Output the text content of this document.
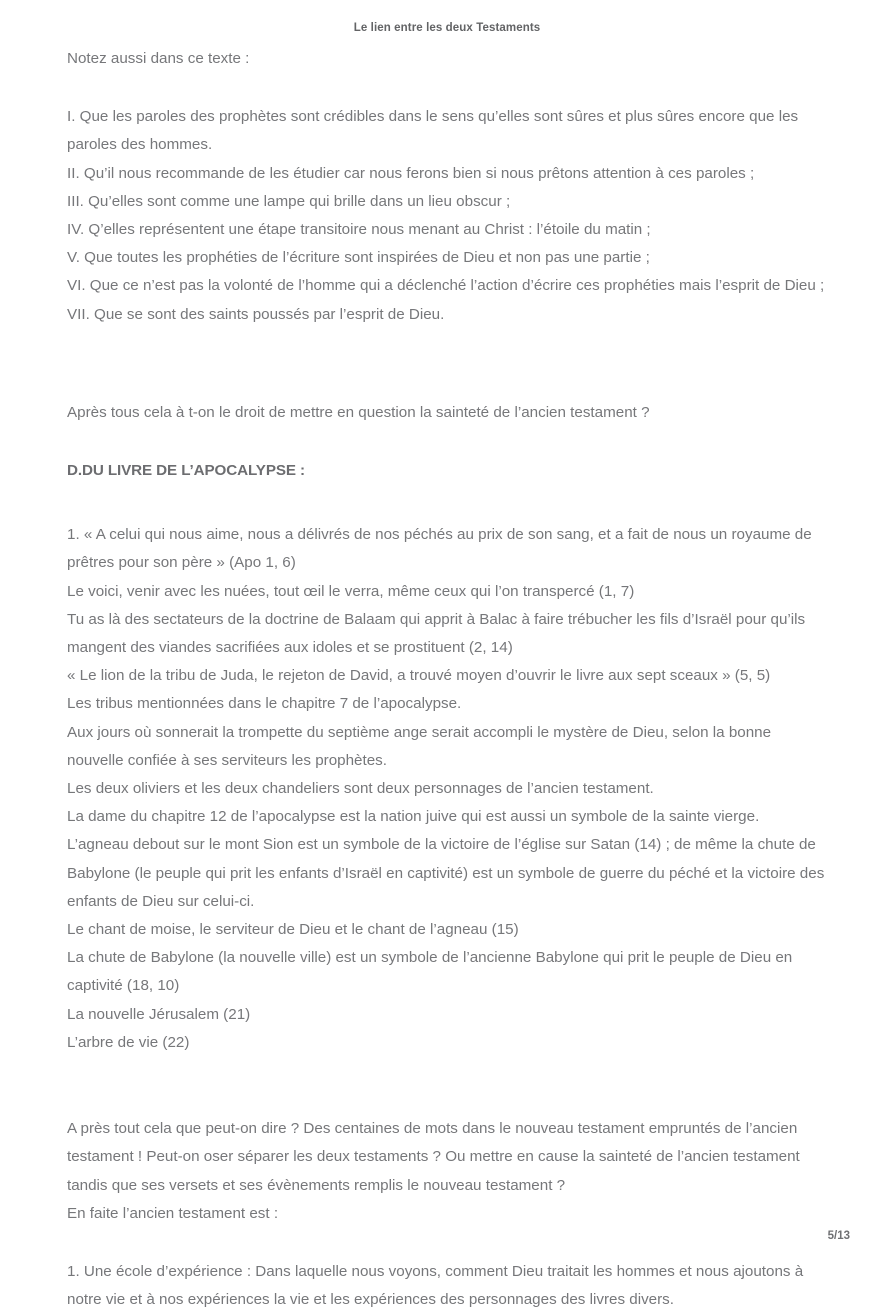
Le lien entre les deux Testaments

Notez aussi dans ce texte :

I. Que les paroles des prophètes sont crédibles dans le sens qu’elles sont sûres et plus sûres encore que les paroles des hommes.

II. Qu’il nous recommande de les étudier car nous ferons bien si nous prêtons attention à ces paroles ;

III. Qu’elles sont comme une lampe qui brille dans un lieu obscur ;

IV. Q’elles représentent une étape transitoire nous menant au Christ : l’étoile du matin ;

V. Que toutes les prophéties de l’écriture sont inspirées de Dieu et non pas une partie ;

VI. Que ce n’est pas la volonté de l’homme qui a déclenché l’action d’écrire ces prophéties mais l’esprit de Dieu ;

VII. Que se sont des saints poussés par l’esprit de Dieu.

Après tous cela à t-on le droit de mettre en question la sainteté de l’ancien testament ?

D.DU LIVRE DE L’APOCALYPSE :

1. « A celui qui nous aime, nous a délivrés de nos péchés au prix de son sang, et a fait de nous un royaume de prêtres pour son père » (Apo 1, 6)

Le voici, venir avec les nuées, tout œil le verra, même ceux qui l’on transpercé (1, 7)

Tu as là des sectateurs de la doctrine de Balaam qui apprit à Balac à faire trébucher les fils d’Israël pour qu’ils mangent des viandes sacrifiées aux idoles et se prostituent (2, 14)

« Le lion de la tribu de Juda, le rejeton de David, a trouvé moyen d’ouvrir le livre aux sept sceaux » (5, 5)

Les tribus mentionnées dans le chapitre 7 de l’apocalypse.

Aux jours où sonnerait la trompette du septième ange serait accompli le mystère de Dieu, selon la bonne nouvelle confiée à ses serviteurs les prophètes.

Les deux oliviers et les deux chandeliers sont deux personnages de l’ancien testament.

La dame du chapitre 12 de l’apocalypse est la nation juive qui est aussi un symbole de la sainte vierge.

L’agneau debout sur le mont Sion est un symbole de la victoire de l’église sur Satan (14) ; de même la chute de Babylone (le peuple qui prit les enfants d’Israël en captivité) est un symbole de guerre du péché et la victoire des enfants de Dieu sur celui-ci.

Le chant de moise, le serviteur de Dieu et le chant de l’agneau (15)

La chute de Babylone (la nouvelle ville) est un symbole de l’ancienne Babylone qui prit le peuple de Dieu en captivité (18, 10)

La nouvelle Jérusalem (21)

L’arbre de vie (22)

A près tout cela que peut-on dire ? Des centaines de mots dans le nouveau testament empruntés de l’ancien testament ! Peut-on oser séparer les deux testaments ? Ou mettre en cause la sainteté de l’ancien testament tandis que ses versets et ses évènements remplis le nouveau testament ?

En faite l’ancien testament est :

1. Une école d’expérience : Dans laquelle nous voyons, comment Dieu traitait les hommes et nous ajoutons à notre vie et à nos expériences la vie et les expériences des personnages des livres divers.

5/13
